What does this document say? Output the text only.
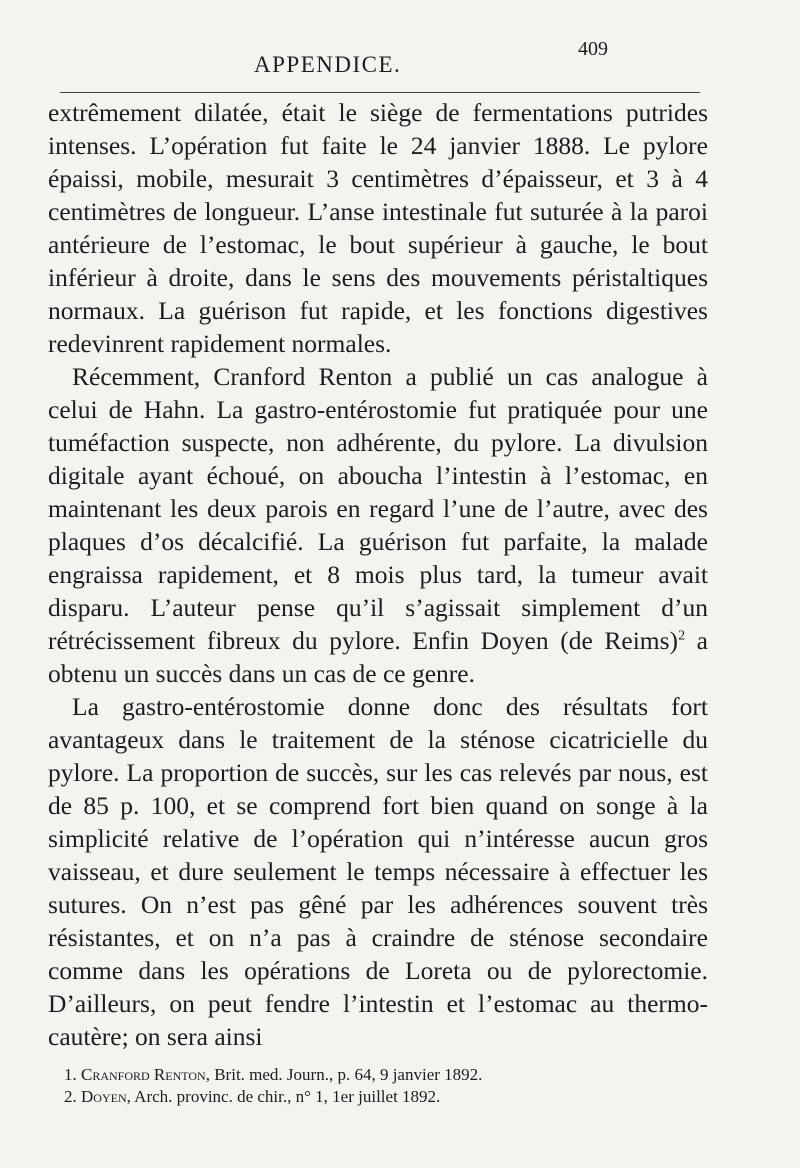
APPENDICE.
409

extrêmement dilatée, était le siège de fermentations putrides intenses. L’opération fut faite le 24 janvier 1888. Le pylore épaissi, mobile, mesurait 3 centimètres d’épaisseur, et 3 à 4 centimètres de longueur. L’anse intestinale fut suturée à la paroi antérieure de l’estomac, le bout supérieur à gauche, le bout inférieur à droite, dans le sens des mouvements péristaltiques normaux. La guérison fut rapide, et les fonctions digestives redevinrent rapidement normales.

Récemment, Cranford Renton a publié un cas analogue à celui de Hahn. La gastro-entérostomie fut pratiquée pour une tuméfaction suspecte, non adhérente, du pylore. La divulsion digitale ayant échoué, on aboucha l’intestin à l’estomac, en maintenant les deux parois en regard l’une de l’autre, avec des plaques d’os décalcifié. La guérison fut parfaite, la malade engraissa rapidement, et 8 mois plus tard, la tumeur avait disparu. L’auteur pense qu’il s’agissait simplement d’un rétrécissement fibreux du pylore. Enfin Doyen (de Reims)$^2$ a obtenu un succès dans un cas de ce genre.

La gastro-entérostomie donne donc des résultats fort avantageux dans le traitement de la sténose cicatricielle du pylore. La proportion de succès, sur les cas relevés par nous, est de 85 p. 100, et se comprend fort bien quand on songe à la simplicité relative de l’opération qui n’intéresse aucun gros vaisseau, et dure seulement le temps nécessaire à effectuer les sutures. On n’est pas gêné par les adhérences souvent très résistantes, et on n’a pas à craindre de sténose secondaire comme dans les opérations de Loreta ou de pylorectomie. D’ailleurs, on peut fendre l’intestin et l’estomac au thermo-cautère; on sera ainsi

1. Cranford Renton, Brit. med. Journ., p. 64, 9 janvier 1892.
2. Doyen, Arch. provinc. de chir., n° 1, 1er juillet 1892.
